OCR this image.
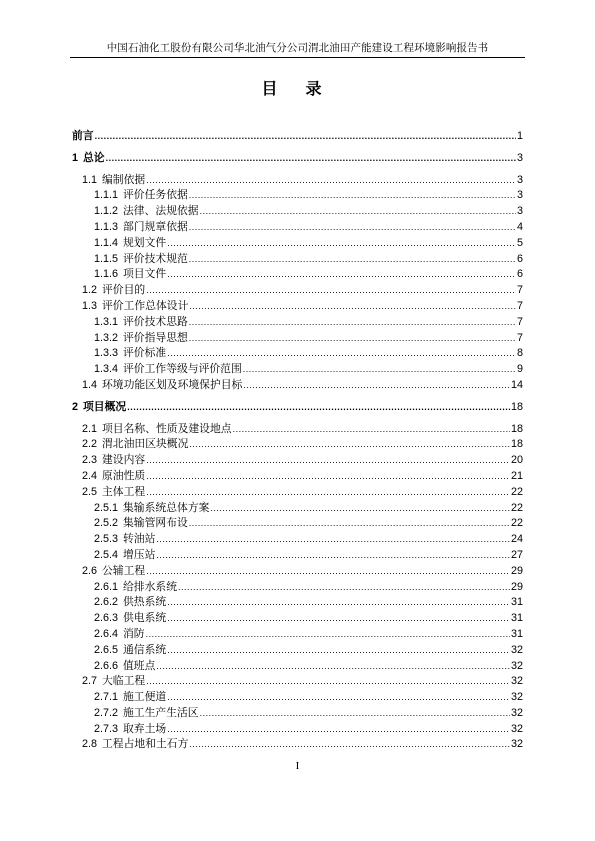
中国石油化工股份有限公司华北油气分公司渭北油田产能建设工程环境影响报告书
目 录
前言 .....	1
1 总论 .....	3
1.1 编制依据 .....	3
1.1.1 评价任务依据 .....	3
1.1.2 法律、法规依据 .....	3
1.1.3 部门规章依据 .....	4
1.1.4 规划文件 .....	5
1.1.5 评价技术规范 .....	6
1.1.6 项目文件 .....	6
1.2 评价目的 .....	7
1.3 评价工作总体设计 .....	7
1.3.1 评价技术思路 .....	7
1.3.2 评价指导思想 .....	7
1.3.3 评价标准 .....	8
1.3.4 评价工作等级与评价范围 .....	9
1.4 环境功能区划及环境保护目标 .....	14
2 项目概况 .....	18
2.1 项目名称、性质及建设地点 .....	18
2.2 渭北油田区块概况 .....	18
2.3 建设内容 .....	20
2.4 原油性质 .....	21
2.5 主体工程 .....	22
2.5.1 集输系统总体方案 .....	22
2.5.2 集输管网布设 .....	22
2.5.3 转油站 .....	24
2.5.4 增压站 .....	27
2.6 公辅工程 .....	29
2.6.1 给排水系统 .....	29
2.6.2 供热系统 .....	31
2.6.3 供电系统 .....	31
2.6.4 消防 .....	31
2.6.5 通信系统 .....	32
2.6.6 值班点 .....	32
2.7 大临工程 .....	32
2.7.1 施工便道 .....	32
2.7.2 施工生产生活区 .....	32
2.7.3 取弃土场 .....	32
2.8 工程占地和土石方 .....	32
I
